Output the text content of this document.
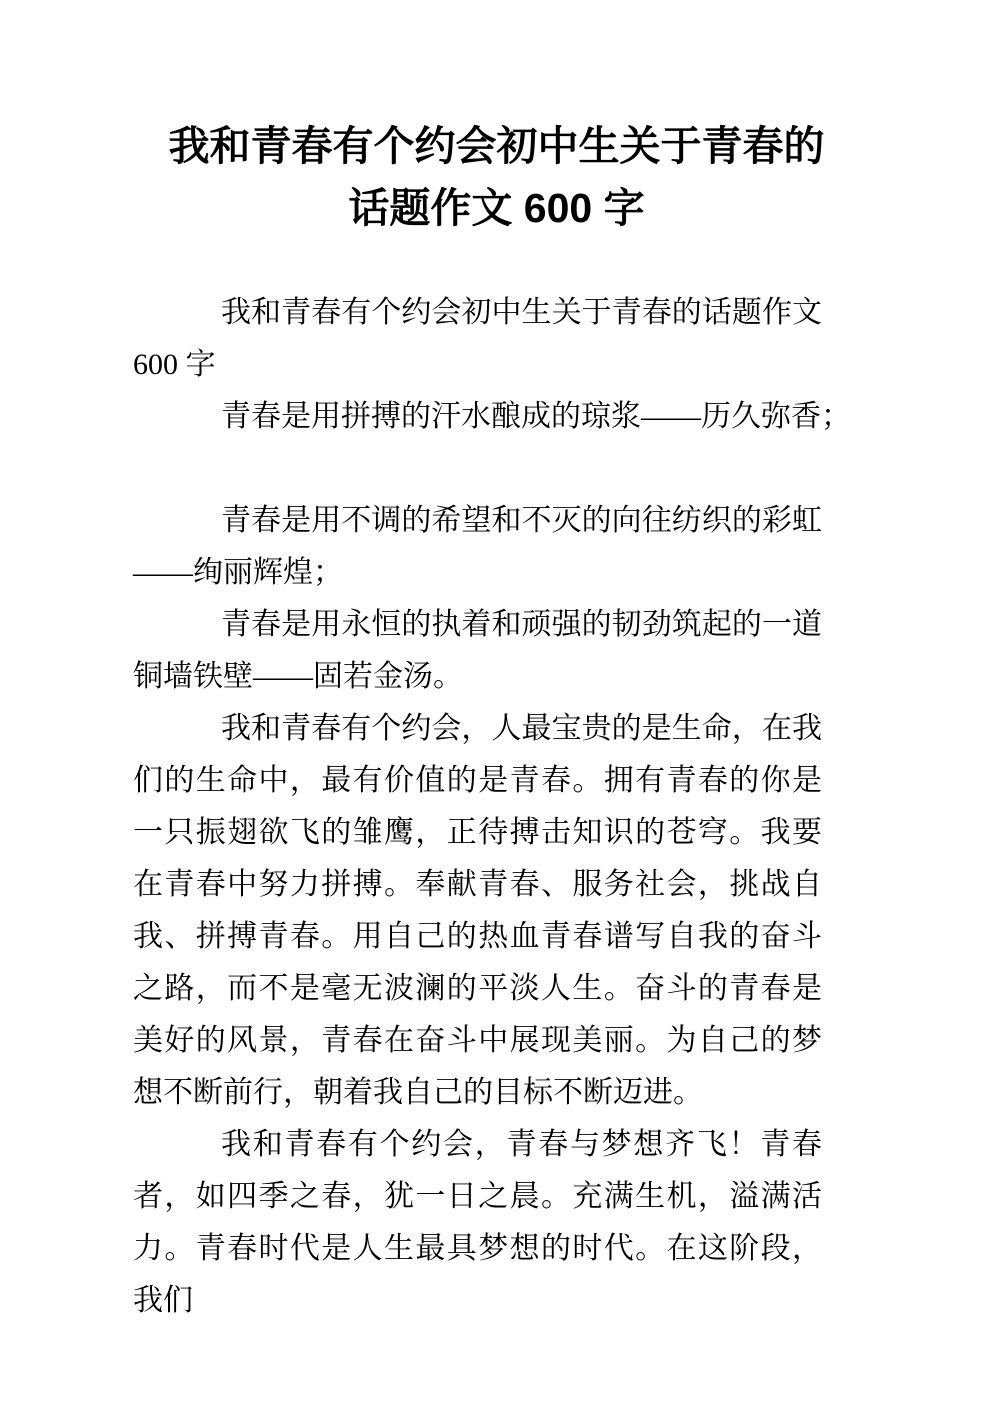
我和青春有个约会初中生关于青春的话题作文 600 字

我和青春有个约会初中生关于青春的话题作文600 字

青春是用拼搏的汗水酿成的琼浆——历久弥香；

青春是用不调的希望和不灭的向往纺织的彩虹——绚丽辉煌；

青春是用永恒的执着和顽强的韧劲筑起的一道铜墙铁壁——固若金汤。

我和青春有个约会，人最宝贵的是生命，在我们的生命中，最有价值的是青春。拥有青春的你是一只振翅欲飞的雏鹰，正待搏击知识的苍穹。我要在青春中努力拼搏。奉献青春、服务社会，挑战自我、拼搏青春。用自己的热血青春谱写自我的奋斗之路，而不是毫无波澜的平淡人生。奋斗的青春是美好的风景，青春在奋斗中展现美丽。为自己的梦想不断前行，朝着我自己的目标不断迈进。

我和青春有个约会，青春与梦想齐飞！青春者，如四季之春，犹一日之晨。充满生机，溢满活力。青春时代是人生最具梦想的时代。在这阶段，我们
